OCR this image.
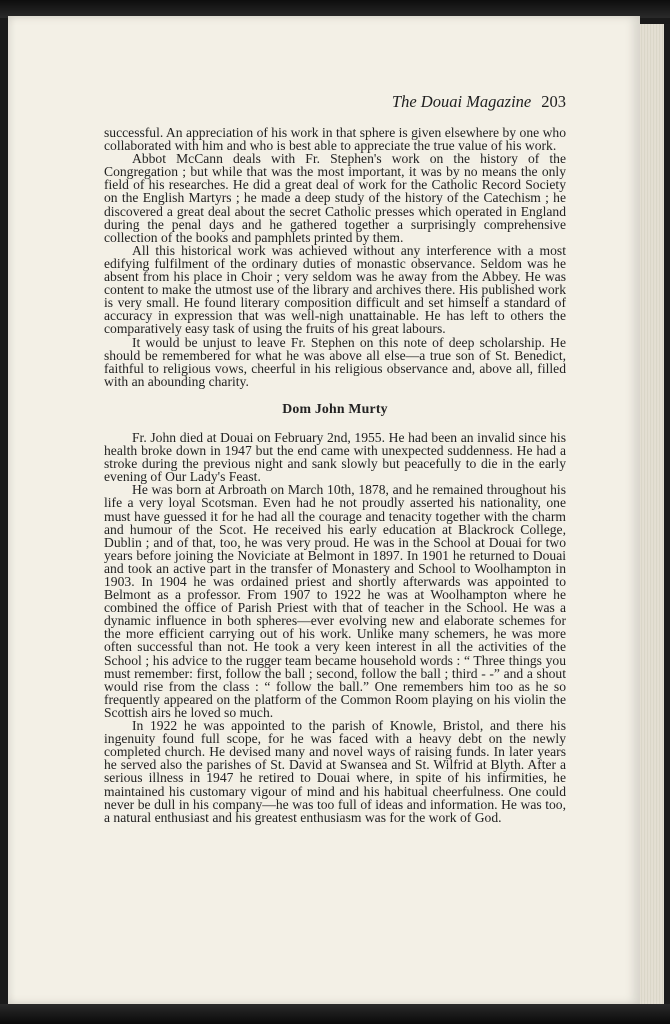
The Douai Magazine 203

successful. An appreciation of his work in that sphere is given elsewhere by one who collaborated with him and who is best able to appreciate the true value of his work.

Abbot McCann deals with Fr. Stephen's work on the history of the Congregation ; but while that was the most important, it was by no means the only field of his researches. He did a great deal of work for the Catholic Record Society on the English Martyrs ; he made a deep study of the history of the Catechism ; he discovered a great deal about the secret Catholic presses which operated in England during the penal days and he gathered together a surprisingly comprehensive collection of the books and pamphlets printed by them.

All this historical work was achieved without any interference with a most edifying fulfilment of the ordinary duties of monastic observance. Seldom was he absent from his place in Choir ; very seldom was he away from the Abbey. He was content to make the utmost use of the library and archives there. His published work is very small. He found literary composition difficult and set himself a standard of accuracy in expression that was well-nigh unattainable. He has left to others the comparatively easy task of using the fruits of his great labours.

It would be unjust to leave Fr. Stephen on this note of deep scholarship. He should be remembered for what he was above all else—a true son of St. Benedict, faithful to religious vows, cheerful in his religious observance and, above all, filled with an abounding charity.

Dom John Murty

Fr. John died at Douai on February 2nd, 1955. He had been an invalid since his health broke down in 1947 but the end came with unexpected suddenness. He had a stroke during the previous night and sank slowly but peacefully to die in the early evening of Our Lady's Feast.

He was born at Arbroath on March 10th, 1878, and he remained throughout his life a very loyal Scotsman. Even had he not proudly asserted his nationality, one must have guessed it for he had all the courage and tenacity together with the charm and humour of the Scot. He received his early education at Blackrock College, Dublin ; and of that, too, he was very proud. He was in the School at Douai for two years before joining the Noviciate at Belmont in 1897. In 1901 he returned to Douai and took an active part in the transfer of Monastery and School to Woolhampton in 1903. In 1904 he was ordained priest and shortly afterwards was appointed to Belmont as a professor. From 1907 to 1922 he was at Woolhampton where he combined the office of Parish Priest with that of teacher in the School. He was a dynamic influence in both spheres—ever evolving new and elaborate schemes for the more efficient carrying out of his work. Unlike many schemers, he was more often successful than not. He took a very keen interest in all the activities of the School ; his advice to the rugger team became household words : “ Three things you must remember: first, follow the ball ; second, follow the ball ; third - -” and a shout would rise from the class : “ follow the ball.” One remembers him too as he so frequently appeared on the platform of the Common Room playing on his violin the Scottish airs he loved so much.

In 1922 he was appointed to the parish of Knowle, Bristol, and there his ingenuity found full scope, for he was faced with a heavy debt on the newly completed church. He devised many and novel ways of raising funds. In later years he served also the parishes of St. David at Swansea and St. Wilfrid at Blyth. After a serious illness in 1947 he retired to Douai where, in spite of his infirmities, he maintained his customary vigour of mind and his habitual cheerfulness. One could never be dull in his company—he was too full of ideas and information. He was too, a natural enthusiast and his greatest enthusiasm was for the work of God.
